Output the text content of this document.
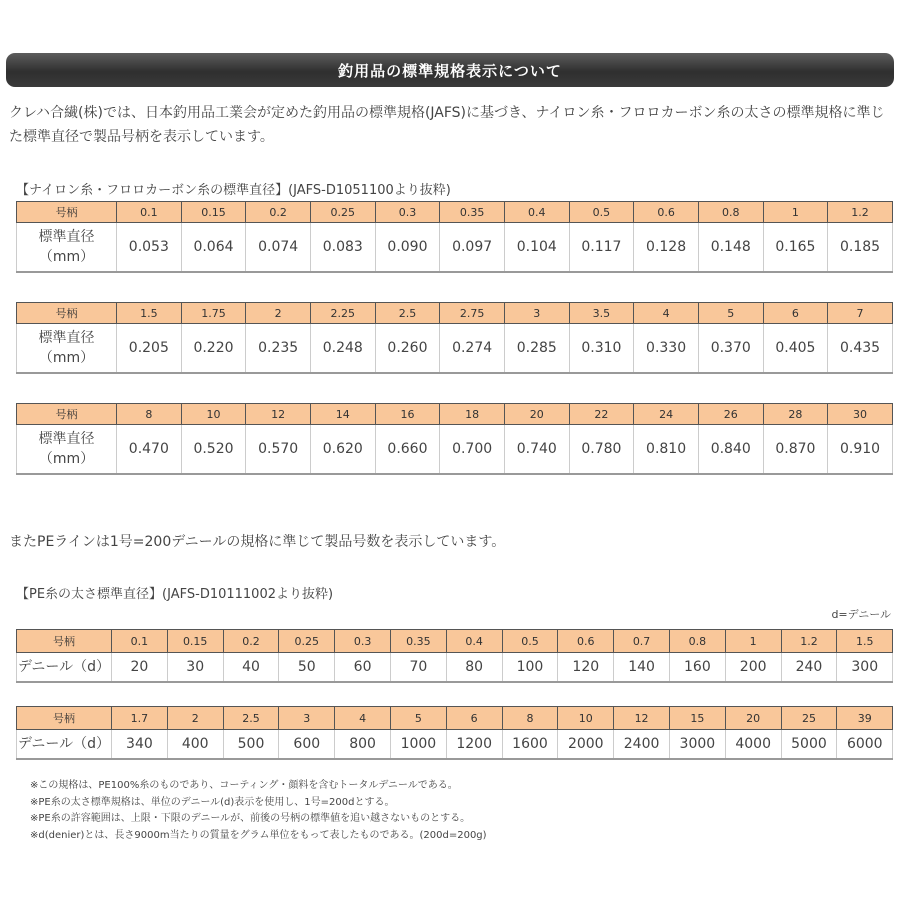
釣用品の標準規格表示について
クレハ合繊(株)では、日本釣用品工業会が定めた釣用品の標準規格(JAFS)に基づき、ナイロン糸・フロロカーボン糸の太さの標準規格に準じた標準直径で製品号柄を表示しています。
【ナイロン糸・フロロカーボン糸の標準直径】(JAFS-D1051100より抜粋)
号柄	0.1	0.15	0.2	0.25	0.3	0.35	0.4	0.5	0.6	0.8	1	1.2

標準直径
（mm）	0.053	0.064	0.074	0.083	0.090	0.097	0.104	0.117	0.128	0.148	0.165	0.185
号柄	1.5	1.75	2	2.25	2.5	2.75	3	3.5	4	5	6	7

標準直径
（mm）	0.205	0.220	0.235	0.248	0.260	0.274	0.285	0.310	0.330	0.370	0.405	0.435
号柄	8	10	12	14	16	18	20	22	24	26	28	30

標準直径
（mm）	0.470	0.520	0.570	0.620	0.660	0.700	0.740	0.780	0.810	0.840	0.870	0.910
またPEラインは1号=200デニールの規格に準じて製品号数を表示しています。
【PE糸の太さ標準直径】(JAFS-D10111002より抜粋)
d=デニール
号柄	0.1	0.15	0.2	0.25	0.3	0.35	0.4	0.5	0.6	0.7	0.8	1	1.2	1.5
デニール（d）	20	30	40	50	60	70	80	100	120	140	160	200	240	300
号柄	1.7	2	2.5	3	4	5	6	8	10	12	15	20	25	39
デニール（d）	340	400	500	600	800	1000	1200	1600	2000	2400	3000	4000	5000	6000
※この規格は、PE100%糸のものであり、コーティング・顔料を含むトータルデニールである。
※PE糸の太さ標準規格は、単位のデニール(d)表示を使用し、1号=200dとする。
※PE糸の許容範囲は、上限・下限のデニールが、前後の号柄の標準値を追い越さないものとする。
※d(denier)とは、長さ9000m当たりの質量をグラム単位をもって表したものである。(200d=200g)
